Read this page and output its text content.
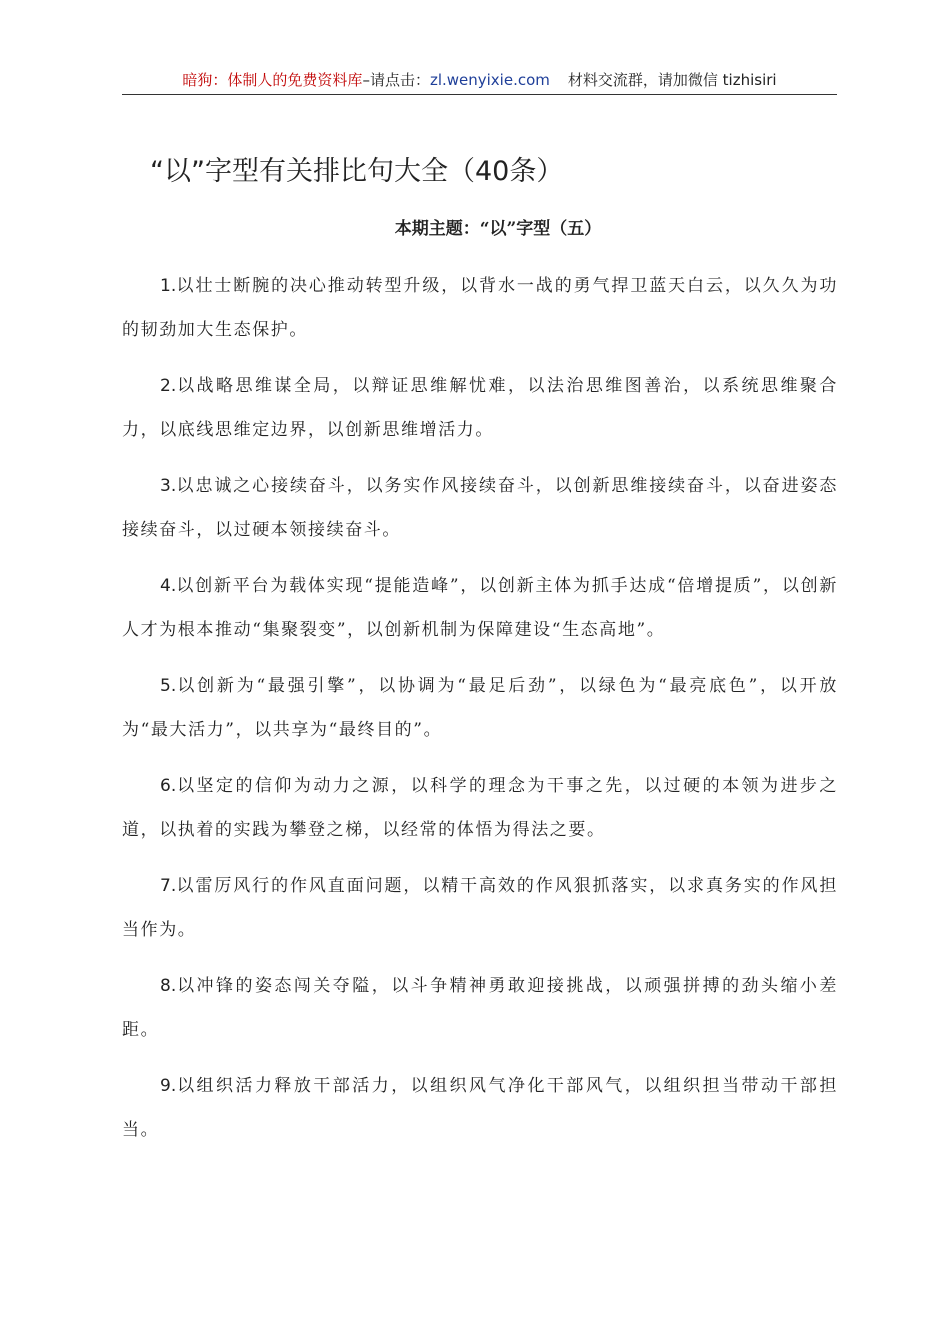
暗狗：体制人的免费资料库–请点击：zl.wenyixie.com 材料交流群，请加微信 tizhisiri
“以”字型有关排比句大全（40条）
本期主题：“以”字型（五）

1.以壮士断腕的决心推动转型升级，以背水一战的勇气捍卫蓝天白云，以久久为功的韧劲加大生态保护。

2.以战略思维谋全局，以辩证思维解忧难，以法治思维图善治，以系统思维聚合力，以底线思维定边界，以创新思维增活力。

3.以忠诚之心接续奋斗，以务实作风接续奋斗，以创新思维接续奋斗，以奋进姿态接续奋斗，以过硬本领接续奋斗。

4.以创新平台为载体实现“提能造峰”，以创新主体为抓手达成“倍增提质”，以创新人才为根本推动“集聚裂变”，以创新机制为保障建设“生态高地”。

5.以创新为“最强引擎”，以协调为“最足后劲”，以绿色为“最亮底色”，以开放为“最大活力”，以共享为“最终目的”。

6.以坚定的信仰为动力之源，以科学的理念为干事之先，以过硬的本领为进步之道，以执着的实践为攀登之梯，以经常的体悟为得法之要。

7.以雷厉风行的作风直面问题，以精干高效的作风狠抓落实，以求真务实的作风担当作为。

8.以冲锋的姿态闯关夺隘，以斗争精神勇敢迎接挑战，以顽强拼搏的劲头缩小差距。

9.以组织活力释放干部活力，以组织风气净化干部风气，以组织担当带动干部担当。
